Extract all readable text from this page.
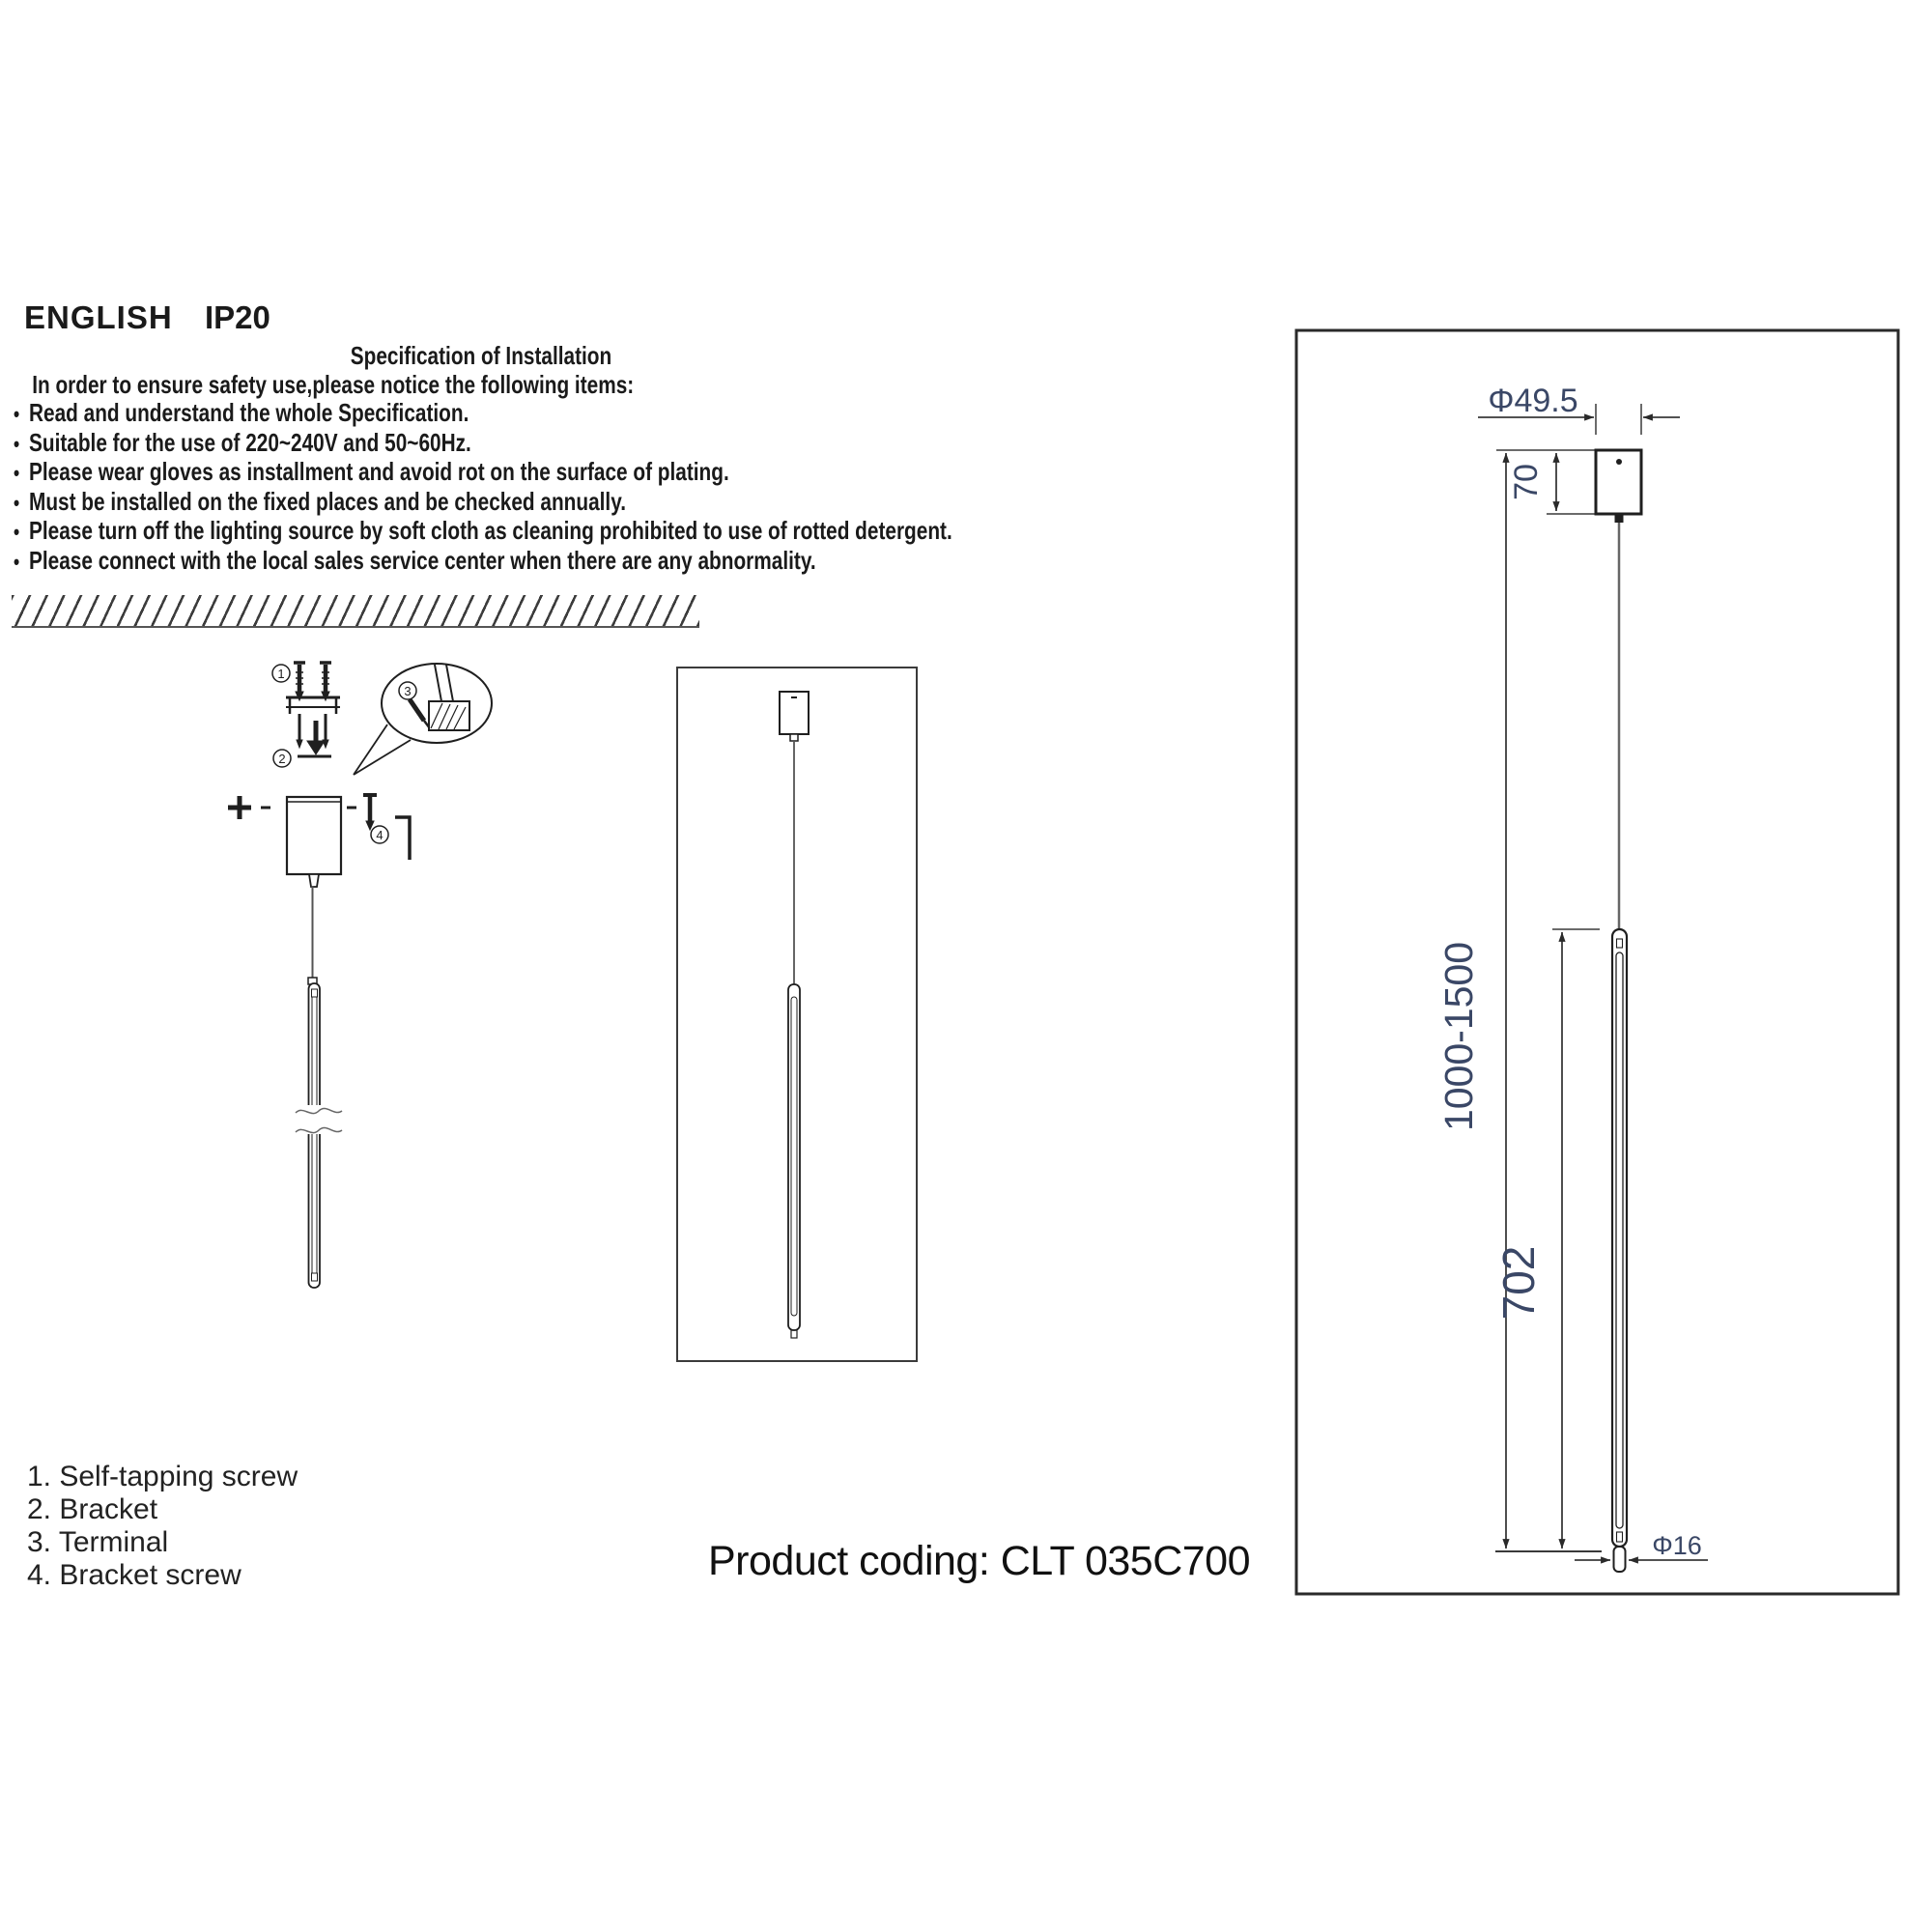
ENGLISH IP20
Specification of Installation
In order to ensure safety use,please notice the following items:
• Read and understand the whole Specification.
• Suitable for the use of 220~240V and 50~60Hz.
• Please wear gloves as installment and avoid rot on the surface of plating.
• Must be installed on the fixed places and be checked annually.
• Please turn off the lighting source by soft cloth as cleaning prohibited to use of rotted detergent.
• Please connect with the local sales service center when there are any abnormality.
1
2
3
4
1. Self-tapping screw
2. Bracket
3. Terminal
4. Bracket screw	Product coding: CLT 035C700
Φ49.5
70
1000-1500
702
Φ16
